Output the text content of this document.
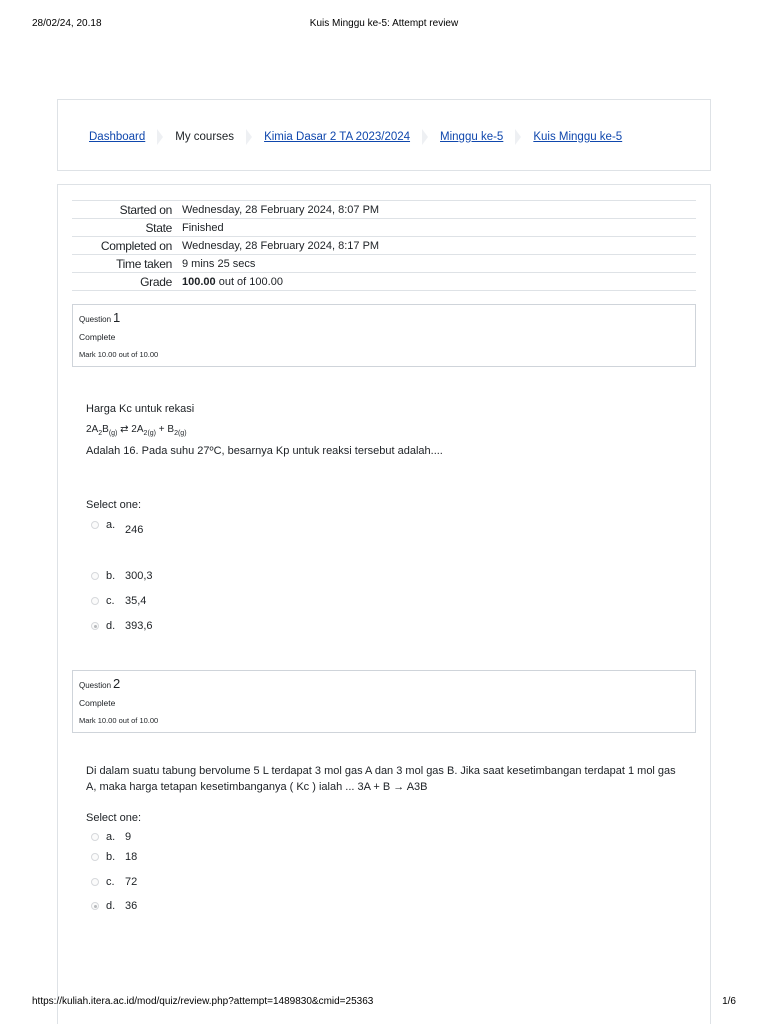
28/02/24, 20.18	Kuis Minggu ke-5: Attempt review
Dashboard	My courses	Kimia Dasar 2 TA 2023/2024	Minggu ke-5	Kuis Minggu ke-5
Started on	Wednesday, 28 February 2024, 8:07 PM
State	Finished
Completed on	Wednesday, 28 February 2024, 8:17 PM
Time taken	9 mins 25 secs
Grade	100.00 out of 100.00
Question 1
Complete
Mark 10.00 out of 10.00
Harga Kc untuk rekasi
$2A_2B_{(g)}$ ⇄ $2A_{2(g)} + B_{2(g)}$
Adalah 16. Pada suhu 27ºC, besarnya Kp untuk reaksi tersebut adalah....
Select one:
a. 246
b. 300,3
c. 35,4
d. 393,6
Question 2
Complete
Mark 10.00 out of 10.00
Di dalam suatu tabung bervolume 5 L terdapat 3 mol gas A dan 3 mol gas B. Jika saat kesetimbangan terdapat 1 mol gas A, maka harga tetapan kesetimbanganya ( Kc ) ialah ... 3A + B → A3B
Select one:
a. 9
b. 18
c. 72
d. 36
https://kuliah.itera.ac.id/mod/quiz/review.php?attempt=1489830&cmid=25363	1/6
